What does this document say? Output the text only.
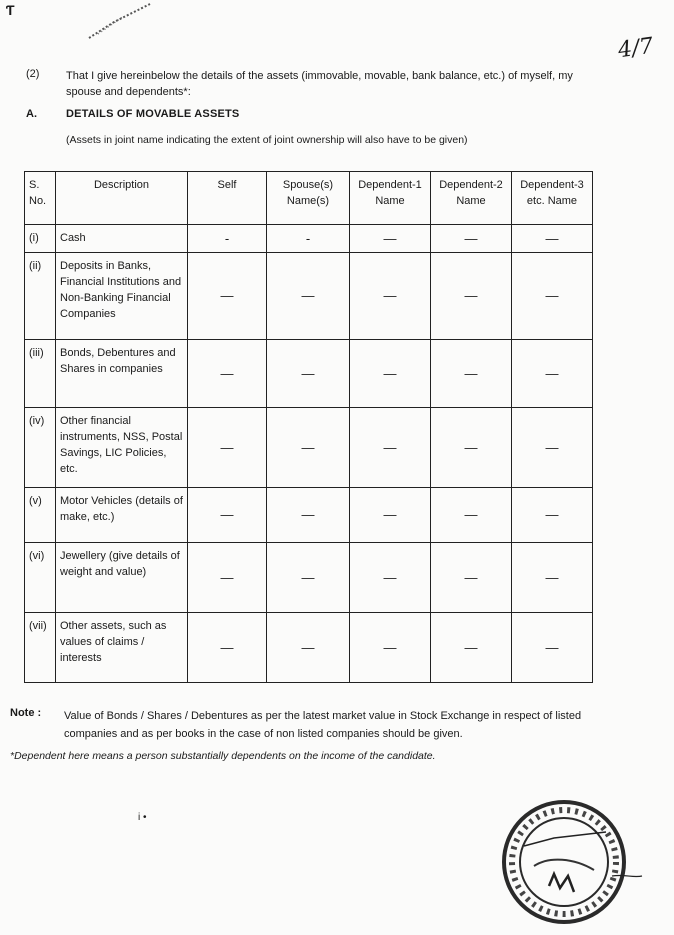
Ƭ
4/7
(2) That I give hereinbelow the details of the assets (immovable, movable, bank balance, etc.) of myself, my spouse and dependents*:
A.	DETAILS OF MOVABLE ASSETS
(Assets in joint name indicating the extent of joint ownership will also have to be given)
S. No.	Description	Self	Spouse(s) Name(s)	Dependent-1 Name	Dependent-2 Name	Dependent-3 etc. Name
(i)	Cash	-	-	—	—	—

(ii)	Deposits in Banks, Financial Institutions and Non-Banking Financial Companies	—	—	—	—	—

(iii)	Bonds, Debentures and Shares in companies	—	—	—	—	—

(iv)	Other financial instruments, NSS, Postal Savings, LIC Policies, etc.	—	—	—	—	—

(v)	Motor Vehicles (details of make, etc.)	—	—	—	—	—

(vi)	Jewellery (give details of weight and value)	—	—	—	—	—

(vii)	Other assets, such as values of claims / interests	—	—	—	—	—
Note : Value of Bonds / Shares / Debentures as per the latest market value in Stock Exchange in respect of listed companies and as per books in the case of non listed companies should be given.
*Dependent here means a person substantially dependents on the income of the candidate.
i •
